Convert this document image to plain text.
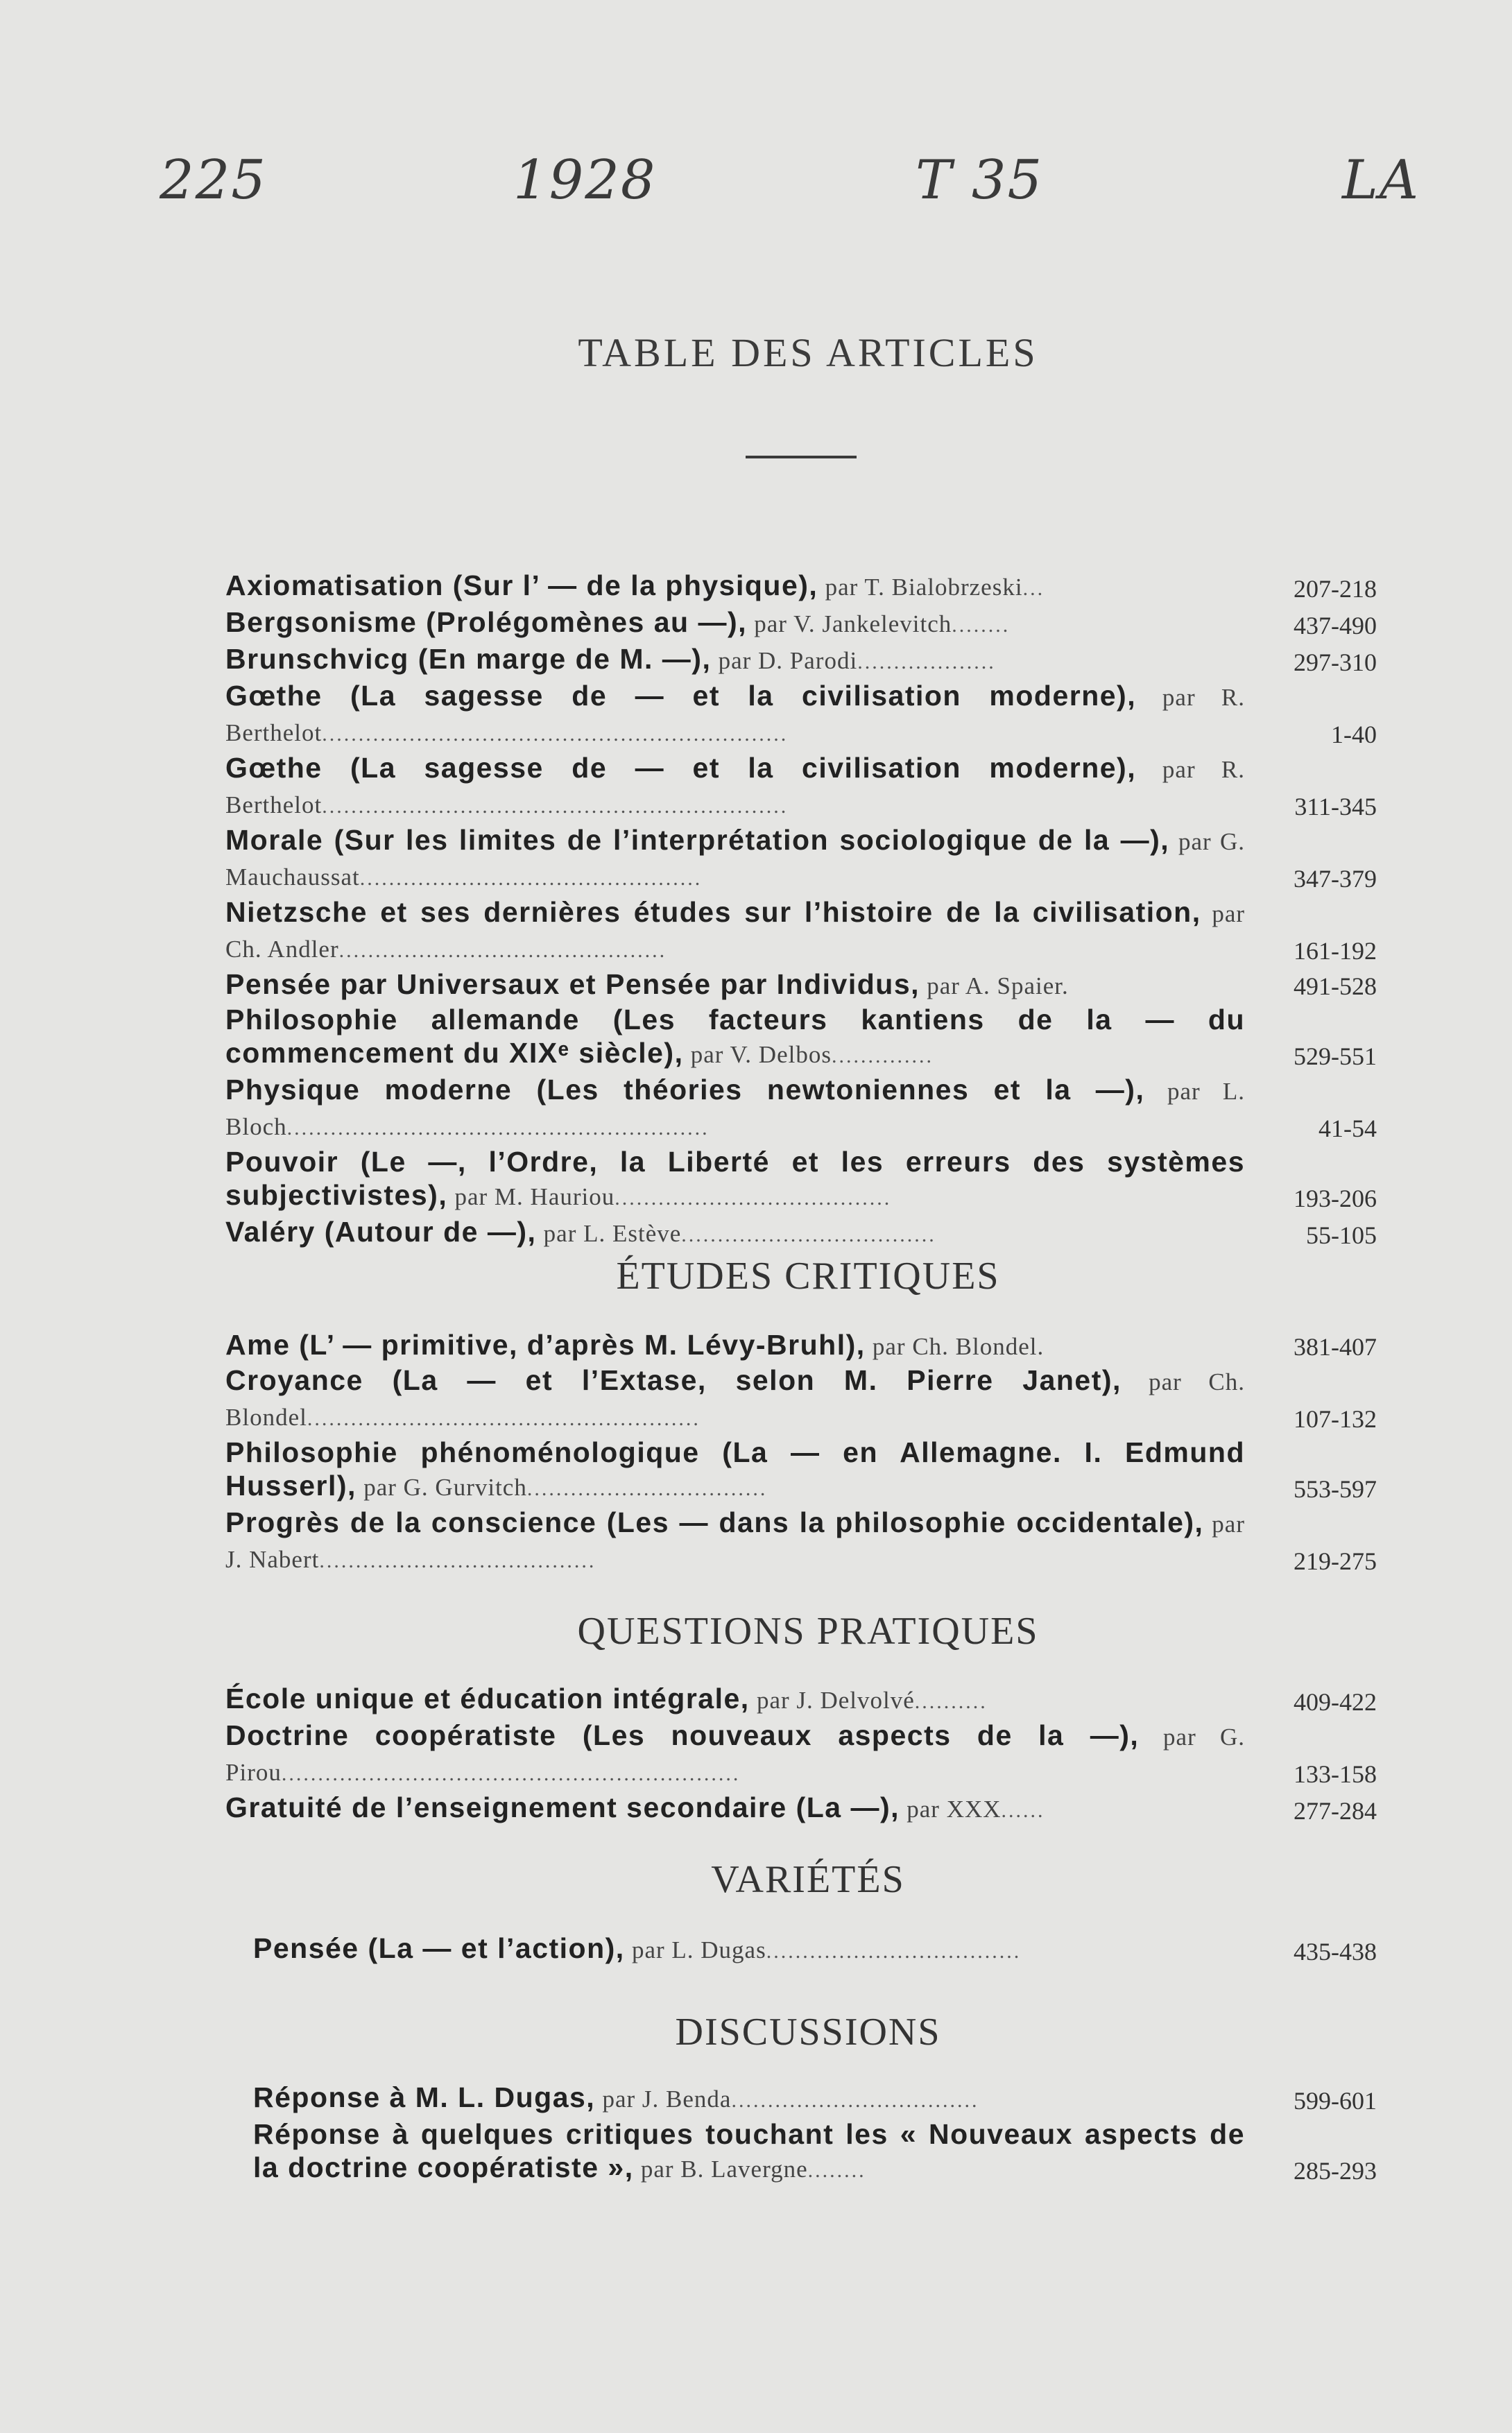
225	1928	T 35	LA
TABLE DES ARTICLES
Axiomatisation (Sur l’ — de la physique), par T. Bialobrzeski...	207-218
Bergsonisme (Prolégomènes au —), par V. Jankelevitch........	437-490
Brunschvicg (En marge de M. —), par D. Parodi...................	297-310
Gœthe (La sagesse de — et la civilisation moderne), par R. Berthelot................................................................	1-40
Gœthe (La sagesse de — et la civilisation moderne), par R. Berthelot................................................................	311-345
Morale (Sur les limites de l’interprétation sociologique de la —), par G. Mauchaussat...............................................	347-379
Nietzsche et ses dernières études sur l’histoire de la civilisation, par Ch. Andler.............................................	161-192
Pensée par Universaux et Pensée par Individus, par A. Spaier.	491-528
Philosophie allemande (Les facteurs kantiens de la — du commencement du XIXᵉ siècle), par V. Delbos..............	529-551
Physique moderne (Les théories newtoniennes et la —), par L. Bloch..........................................................	41-54
Pouvoir (Le —, l’Ordre, la Liberté et les erreurs des systèmes subjectivistes), par M. Hauriou......................................	193-206
Valéry (Autour de —), par L. Estève...................................	55-105
ÉTUDES CRITIQUES
Ame (L’ — primitive, d’après M. Lévy-Bruhl), par Ch. Blondel.	381-407
Croyance (La — et l’Extase, selon M. Pierre Janet), par Ch. Blondel......................................................	107-132
Philosophie phénoménologique (La — en Allemagne. I. Edmund Husserl), par G. Gurvitch.................................	553-597
Progrès de la conscience (Les — dans la philosophie occidentale), par J. Nabert......................................	219-275
QUESTIONS PRATIQUES
École unique et éducation intégrale, par J. Delvolvé..........	409-422
Doctrine coopératiste (Les nouveaux aspects de la —), par G. Pirou...............................................................	133-158
Gratuité de l’enseignement secondaire (La —), par XXX......	277-284
VARIÉTÉS
Pensée (La — et l’action), par L. Dugas...................................	435-438
DISCUSSIONS
Réponse à M. L. Dugas, par J. Benda..................................	599-601
Réponse à quelques critiques touchant les « Nouveaux aspects de la doctrine coopératiste », par B. Lavergne........	285-293
